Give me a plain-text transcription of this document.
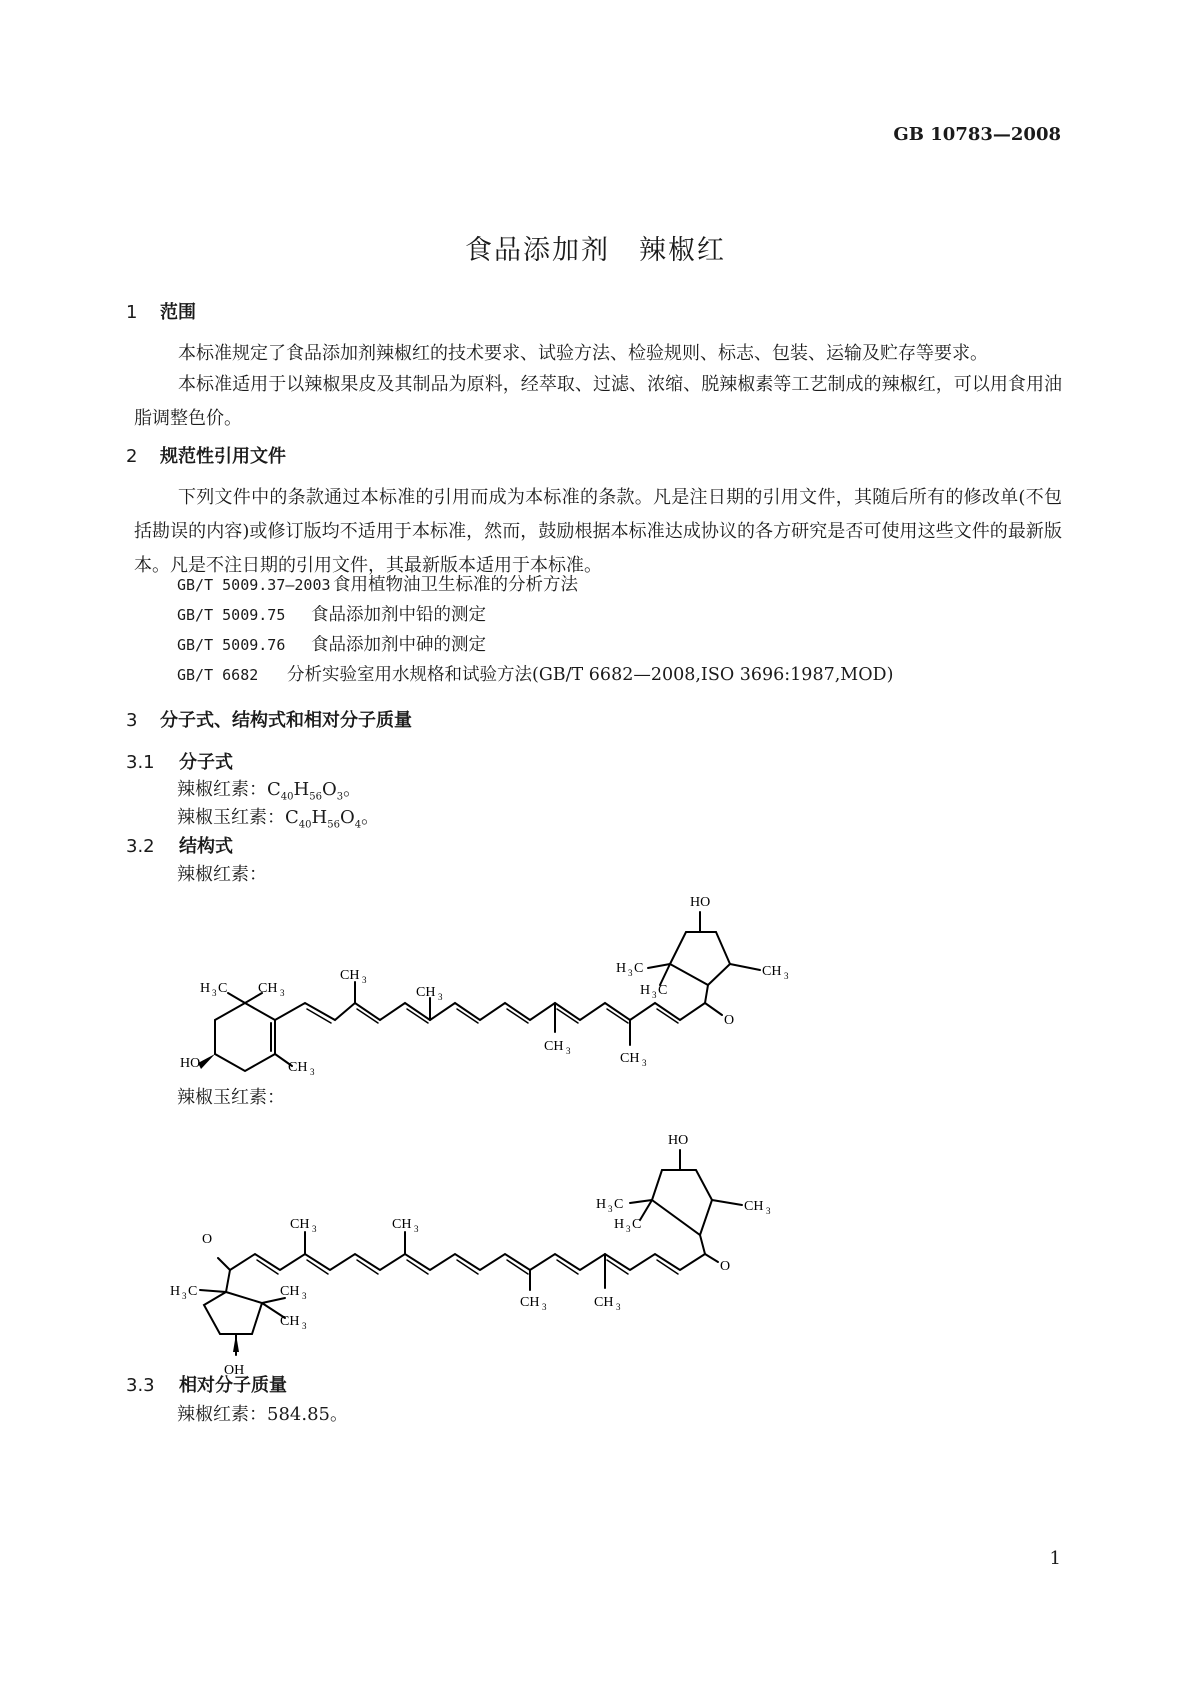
GB 10783—2008
食品添加剂　辣椒红
1 范围
本标准规定了食品添加剂辣椒红的技术要求、试验方法、检验规则、标志、包装、运输及贮存等要求。
本标准适用于以辣椒果皮及其制品为原料，经萃取、过滤、浓缩、脱辣椒素等工艺制成的辣椒红，可以用食用油脂调整色价。
2 规范性引用文件
下列文件中的条款通过本标准的引用而成为本标准的条款。凡是注日期的引用文件，其随后所有的修改单(不包括勘误的内容)或修订版均不适用于本标准，然而，鼓励根据本标准达成协议的各方研究是否可使用这些文件的最新版本。凡是不注日期的引用文件，其最新版本适用于本标准。
GB/T 5009.37—2003 食用植物油卫生标准的分析方法
GB/T 5009.75 食品添加剂中铅的测定
GB/T 5009.76 食品添加剂中砷的测定
GB/T 6682 分析实验室用水规格和试验方法(GB/T 6682—2008,ISO 3696:1987,MOD)
3 分子式、结构式和相对分子质量
3.1 分子式
辣椒红素：$C_{40}H_{56}O_3$。
辣椒玉红素：$C_{40}H_{56}O_4$。
3.2 结构式
辣椒红素：
HO
H 3 C CH 3
CH 3
CH 3
CH 3
CH 3	CH 3
O
CH 3
H 3 C
H 3 C
HO
辣椒玉红素：
O
H 3 C	CH 3
CH 3
OH
CH 3	CH 3
CH 3	CH 3
O
CH 3
H 3 C
H 3 C
HO
3.3 相对分子质量
辣椒红素：584.85。
1
